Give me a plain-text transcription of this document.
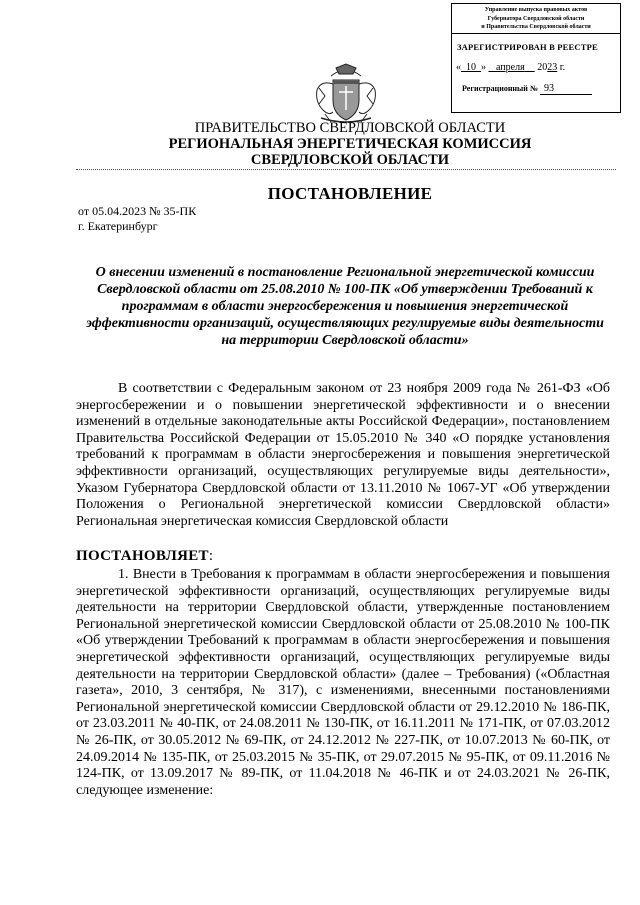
Управление выпуска правовых актов
Губернатора Свердловской области
и Правительства Свердловской области
ЗАРЕГИСТРИРОВАН В РЕЕСТРЕ
« 10 » апреля 2023 г.
Регистрационный № 93
ПРАВИТЕЛЬСТВО СВЕРДЛОВСКОЙ ОБЛАСТИ
РЕГИОНАЛЬНАЯ ЭНЕРГЕТИЧЕСКАЯ КОМИССИЯ
СВЕРДЛОВСКОЙ ОБЛАСТИ
ПОСТАНОВЛЕНИЕ
от 05.04.2023 № 35-ПК
г. Екатеринбург
О внесении изменений в постановление Региональной энергетической комиссии Свердловской области от 25.08.2010 № 100-ПК «Об утверждении Требований к программам в области энергосбережения и повышения энергетической эффективности организаций, осуществляющих регулируемые виды деятельности на территории Свердловской области»
В соответствии с Федеральным законом от 23 ноября 2009 года № 261-ФЗ «Об энергосбережении и о повышении энергетической эффективности и о внесении изменений в отдельные законодательные акты Российской Федерации», постановлением Правительства Российской Федерации от 15.05.2010 № 340 «О порядке установления требований к программам в области энергосбережения и повышения энергетической эффективности организаций, осуществляющих регулируемые виды деятельности», Указом Губернатора Свердловской области от 13.11.2010 № 1067-УГ «Об утверждении Положения о Региональной энергетической комиссии Свердловской области» Региональная энергетическая комиссия Свердловской области
ПОСТАНОВЛЯЕТ:
1. Внести в Требования к программам в области энергосбережения и повышения энергетической эффективности организаций, осуществляющих регулируемые виды деятельности на территории Свердловской области, утвержденные постановлением Региональной энергетической комиссии Свердловской области от 25.08.2010 № 100-ПК «Об утверждении Требований к программам в области энергосбережения и повышения энергетической эффективности организаций, осуществляющих регулируемые виды деятельности на территории Свердловской области» (далее – Требования) («Областная газета», 2010, 3 сентября, № 317), с изменениями, внесенными постановлениями Региональной энергетической комиссии Свердловской области от 29.12.2010 № 186-ПК, от 23.03.2011 № 40-ПК, от 24.08.2011 № 130-ПК, от 16.11.2011 № 171-ПК, от 07.03.2012 № 26-ПК, от 30.05.2012 № 69-ПК, от 24.12.2012 № 227-ПК, от 10.07.2013 № 60-ПК, от 24.09.2014 № 135-ПК, от 25.03.2015 № 35-ПК, от 29.07.2015 № 95-ПК, от 09.11.2016 № 124-ПК, от 13.09.2017 № 89-ПК, от 11.04.2018 № 46-ПК и от 24.03.2021 № 26-ПК, следующее изменение:
